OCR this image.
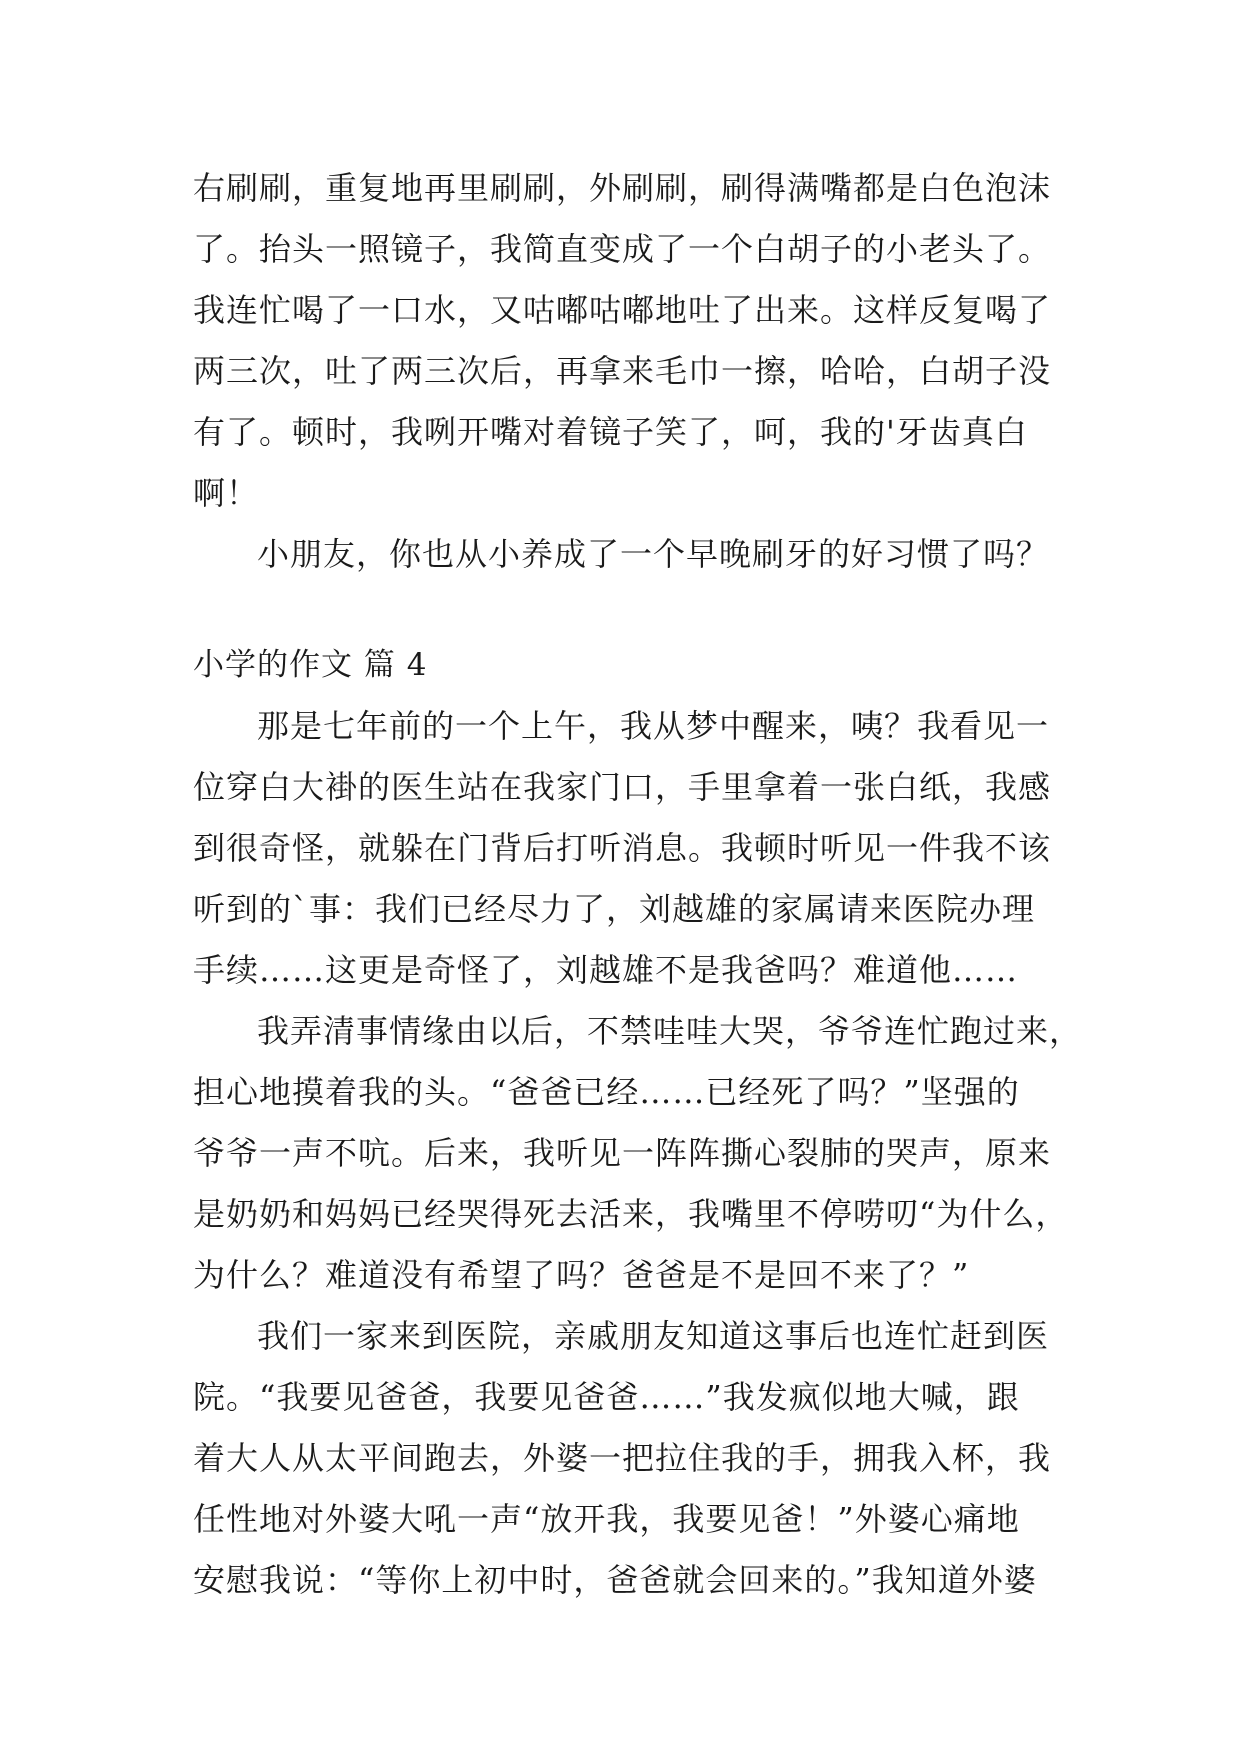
右刷刷，重复地再里刷刷，外刷刷，刷得满嘴都是白色泡沫
了。抬头一照镜子，我简直变成了一个白胡子的小老头了。
我连忙喝了一口水，又咕嘟咕嘟地吐了出来。这样反复喝了
两三次，吐了两三次后，再拿来毛巾一擦，哈哈，白胡子没
有了。顿时，我咧开嘴对着镜子笑了，呵，我的'牙齿真白
啊！
小朋友，你也从小养成了一个早晚刷牙的好习惯了吗？
小学的作文 篇 4
那是七年前的一个上午，我从梦中醒来，咦？我看见一
位穿白大褂的医生站在我家门口，手里拿着一张白纸，我感
到很奇怪，就躲在门背后打听消息。我顿时听见一件我不该
听到的`事：我们已经尽力了，刘越雄的家属请来医院办理
手续……这更是奇怪了，刘越雄不是我爸吗？难道他……
我弄清事情缘由以后，不禁哇哇大哭，爷爷连忙跑过来，
担心地摸着我的头。“爸爸已经……已经死了吗？”坚强的
爷爷一声不吭。后来，我听见一阵阵撕心裂肺的哭声，原来
是奶奶和妈妈已经哭得死去活来，我嘴里不停唠叨“为什么，
为什么？难道没有希望了吗？爸爸是不是回不来了？”
我们一家来到医院，亲戚朋友知道这事后也连忙赶到医
院。“我要见爸爸，我要见爸爸……”我发疯似地大喊，跟
着大人从太平间跑去，外婆一把拉住我的手，拥我入杯，我
任性地对外婆大吼一声“放开我，我要见爸！”外婆心痛地
安慰我说：“等你上初中时，爸爸就会回来的。”我知道外婆
